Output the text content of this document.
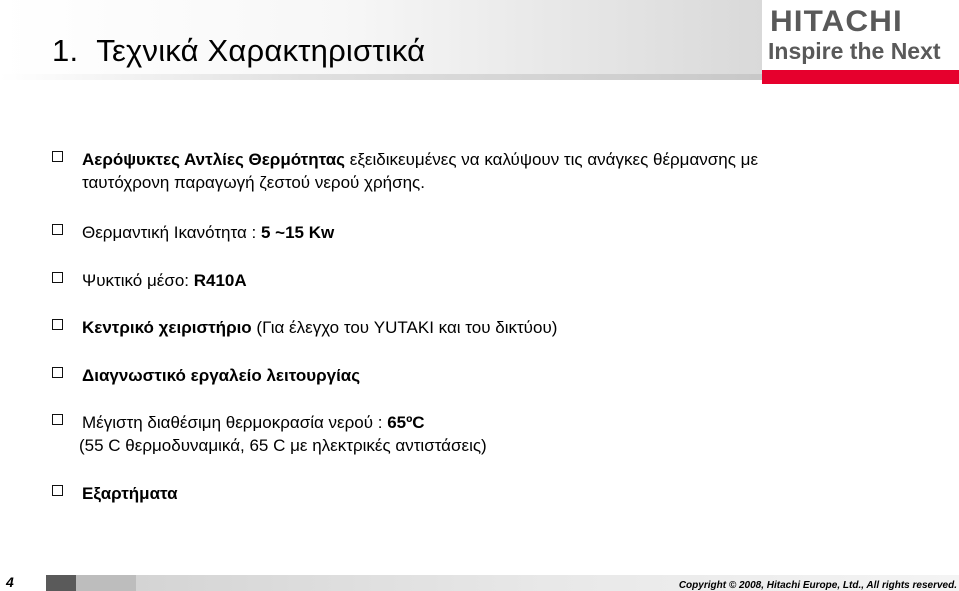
1. Τεχνικά Χαρακτηριστικά
HITACHI
Inspire the Next
Αερόψυκτες Αντλίες Θερμότητας εξειδικευμένες να καλύψουν τις ανάγκες θέρμανσης με
ταυτόχρονη παραγωγή ζεστού νερού χρήσης.
Θερμαντική Ικανότητα : 5 ~15 Kw
Ψυκτικό μέσο: R410A
Κεντρικό χειριστήριο (Για έλεγχο του YUTAKI και του δικτύου)
Διαγνωστικό εργαλείο λειτουργίας
Μέγιστη διαθέσιμη θερμοκρασία νερού : 65ºC
(55 C θερμοδυναμικά, 65 C με ηλεκτρικές αντιστάσεις)
Εξαρτήματα
4	Copyright © 2008, Hitachi Europe, Ltd., All rights reserved.
